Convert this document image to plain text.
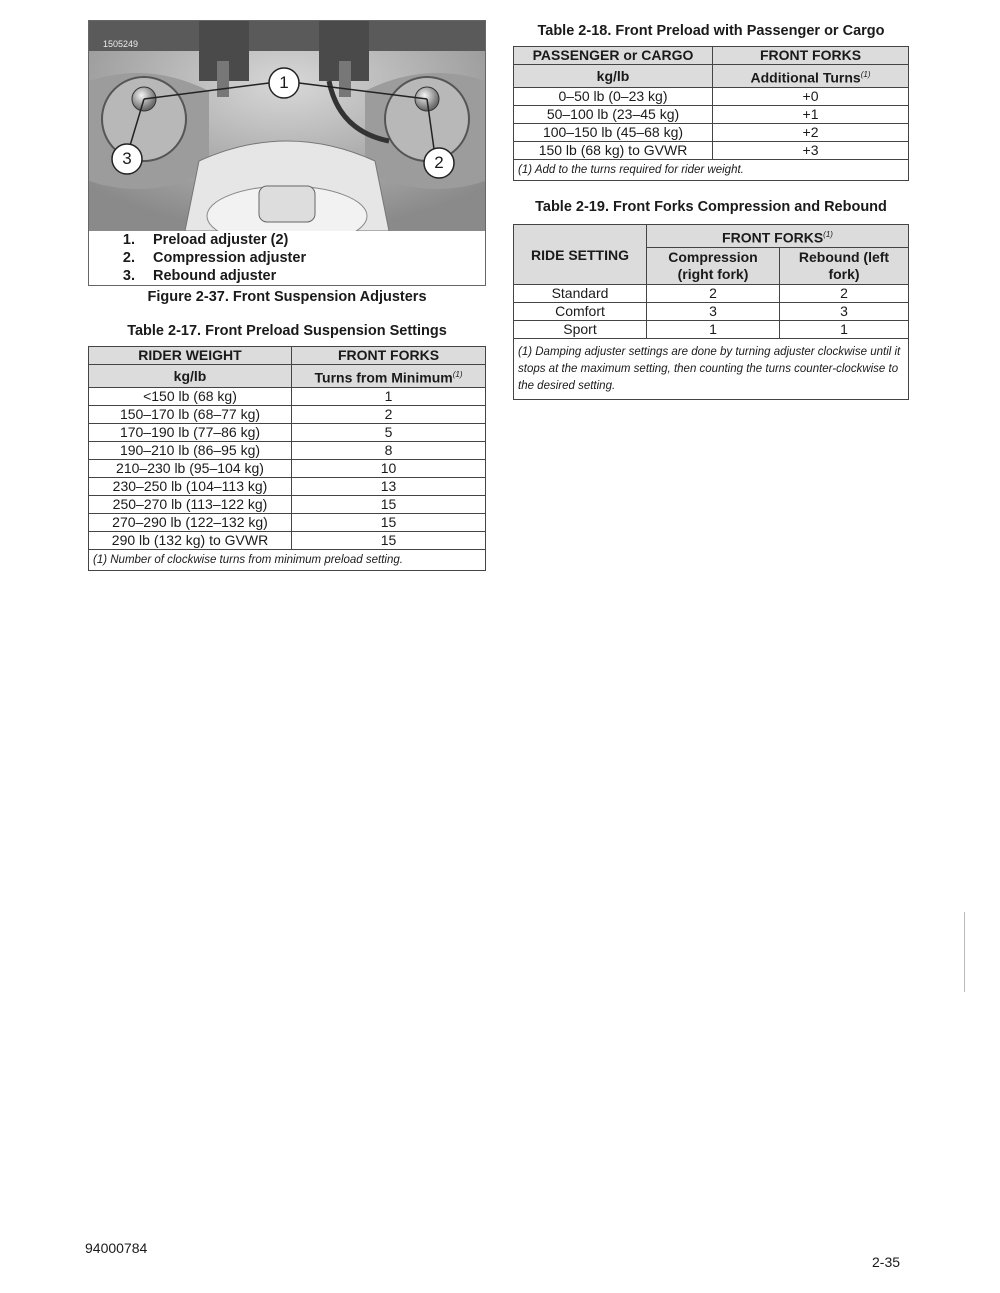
1505249
1
2
3
1.	Preload adjuster (2)
2.	Compression adjuster
3.	Rebound adjuster
Figure 2-37. Front Suspension Adjusters
Table 2-17. Front Preload Suspension Settings
RIDER WEIGHT	FRONT FORKS
kg/lb	Turns from Minimum$^{(1)}$
<150 lb (68 kg)	1
150–170 lb (68–77 kg)	2
170–190 lb (77–86 kg)	5
190–210 lb (86–95 kg)	8
210–230 lb (95–104 kg)	10
230–250 lb (104–113 kg)	13
250–270 lb (113–122 kg)	15
270–290 lb (122–132 kg)	15
290 lb (132 kg) to GVWR	15
(1) Number of clockwise turns from minimum preload setting.	
Table 2-18. Front Preload with Passenger or Cargo
PASSENGER or CARGO	FRONT FORKS
kg/lb	Additional Turns$^{(1)}$
0–50 lb (0–23 kg)	+0
50–100 lb (23–45 kg)	+1
100–150 lb (45–68 kg)	+2
150 lb (68 kg) to GVWR	+3
(1) Add to the turns required for rider weight.	
Table 2-19. Front Forks Compression and Rebound
RIDE SETTING	FRONT FORKS$^{(1)}$
	Compression (right fork)	Rebound (left fork)
Standard	2	2
Comfort	3	3
Sport	1	1
(1) Damping adjuster settings are done by turning adjuster clockwise until it stops at the maximum setting, then counting the turns counter-clockwise to the desired setting.		
94000784
2-35
